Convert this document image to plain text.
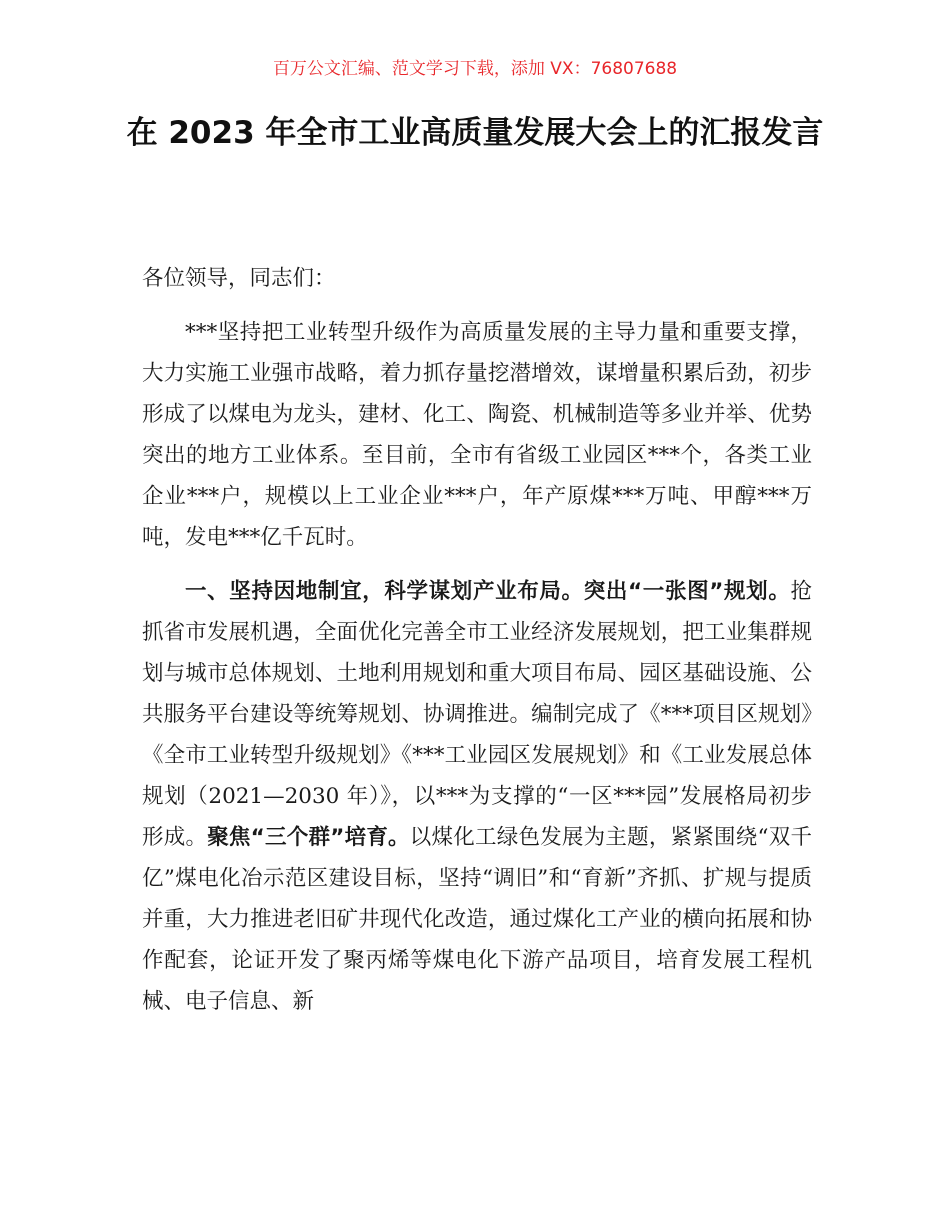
百万公文汇编、范文学习下载，添加 VX：76807688
在 2023 年全市工业高质量发展大会上的汇报发言

各位领导，同志们：

***坚持把工业转型升级作为高质量发展的主导力量和重要支撑，大力实施工业强市战略，着力抓存量挖潜增效，谋增量积累后劲，初步形成了以煤电为龙头，建材、化工、陶瓷、机械制造等多业并举、优势突出的地方工业体系。至目前，全市有省级工业园区***个，各类工业企业***户，规模以上工业企业***户，年产原煤***万吨、甲醇***万吨，发电***亿千瓦时。

一、坚持因地制宜，科学谋划产业布局。突出“一张图”规划。抢抓省市发展机遇，全面优化完善全市工业经济发展规划，把工业集群规划与城市总体规划、土地利用规划和重大项目布局、园区基础设施、公共服务平台建设等统筹规划、协调推进。编制完成了《***项目区规划》《全市工业转型升级规划》《***工业园区发展规划》和《工业发展总体规划（2021—2030 年）》，以***为支撑的“一区***园”发展格局初步形成。聚焦“三个群”培育。以煤化工绿色发展为主题，紧紧围绕“双千亿”煤电化冶示范区建设目标，坚持“调旧”和“育新”齐抓、扩规与提质并重，大力推进老旧矿井现代化改造，通过煤化工产业的横向拓展和协作配套，论证开发了聚丙烯等煤电化下游产品项目，培育发展工程机械、电子信息、新
